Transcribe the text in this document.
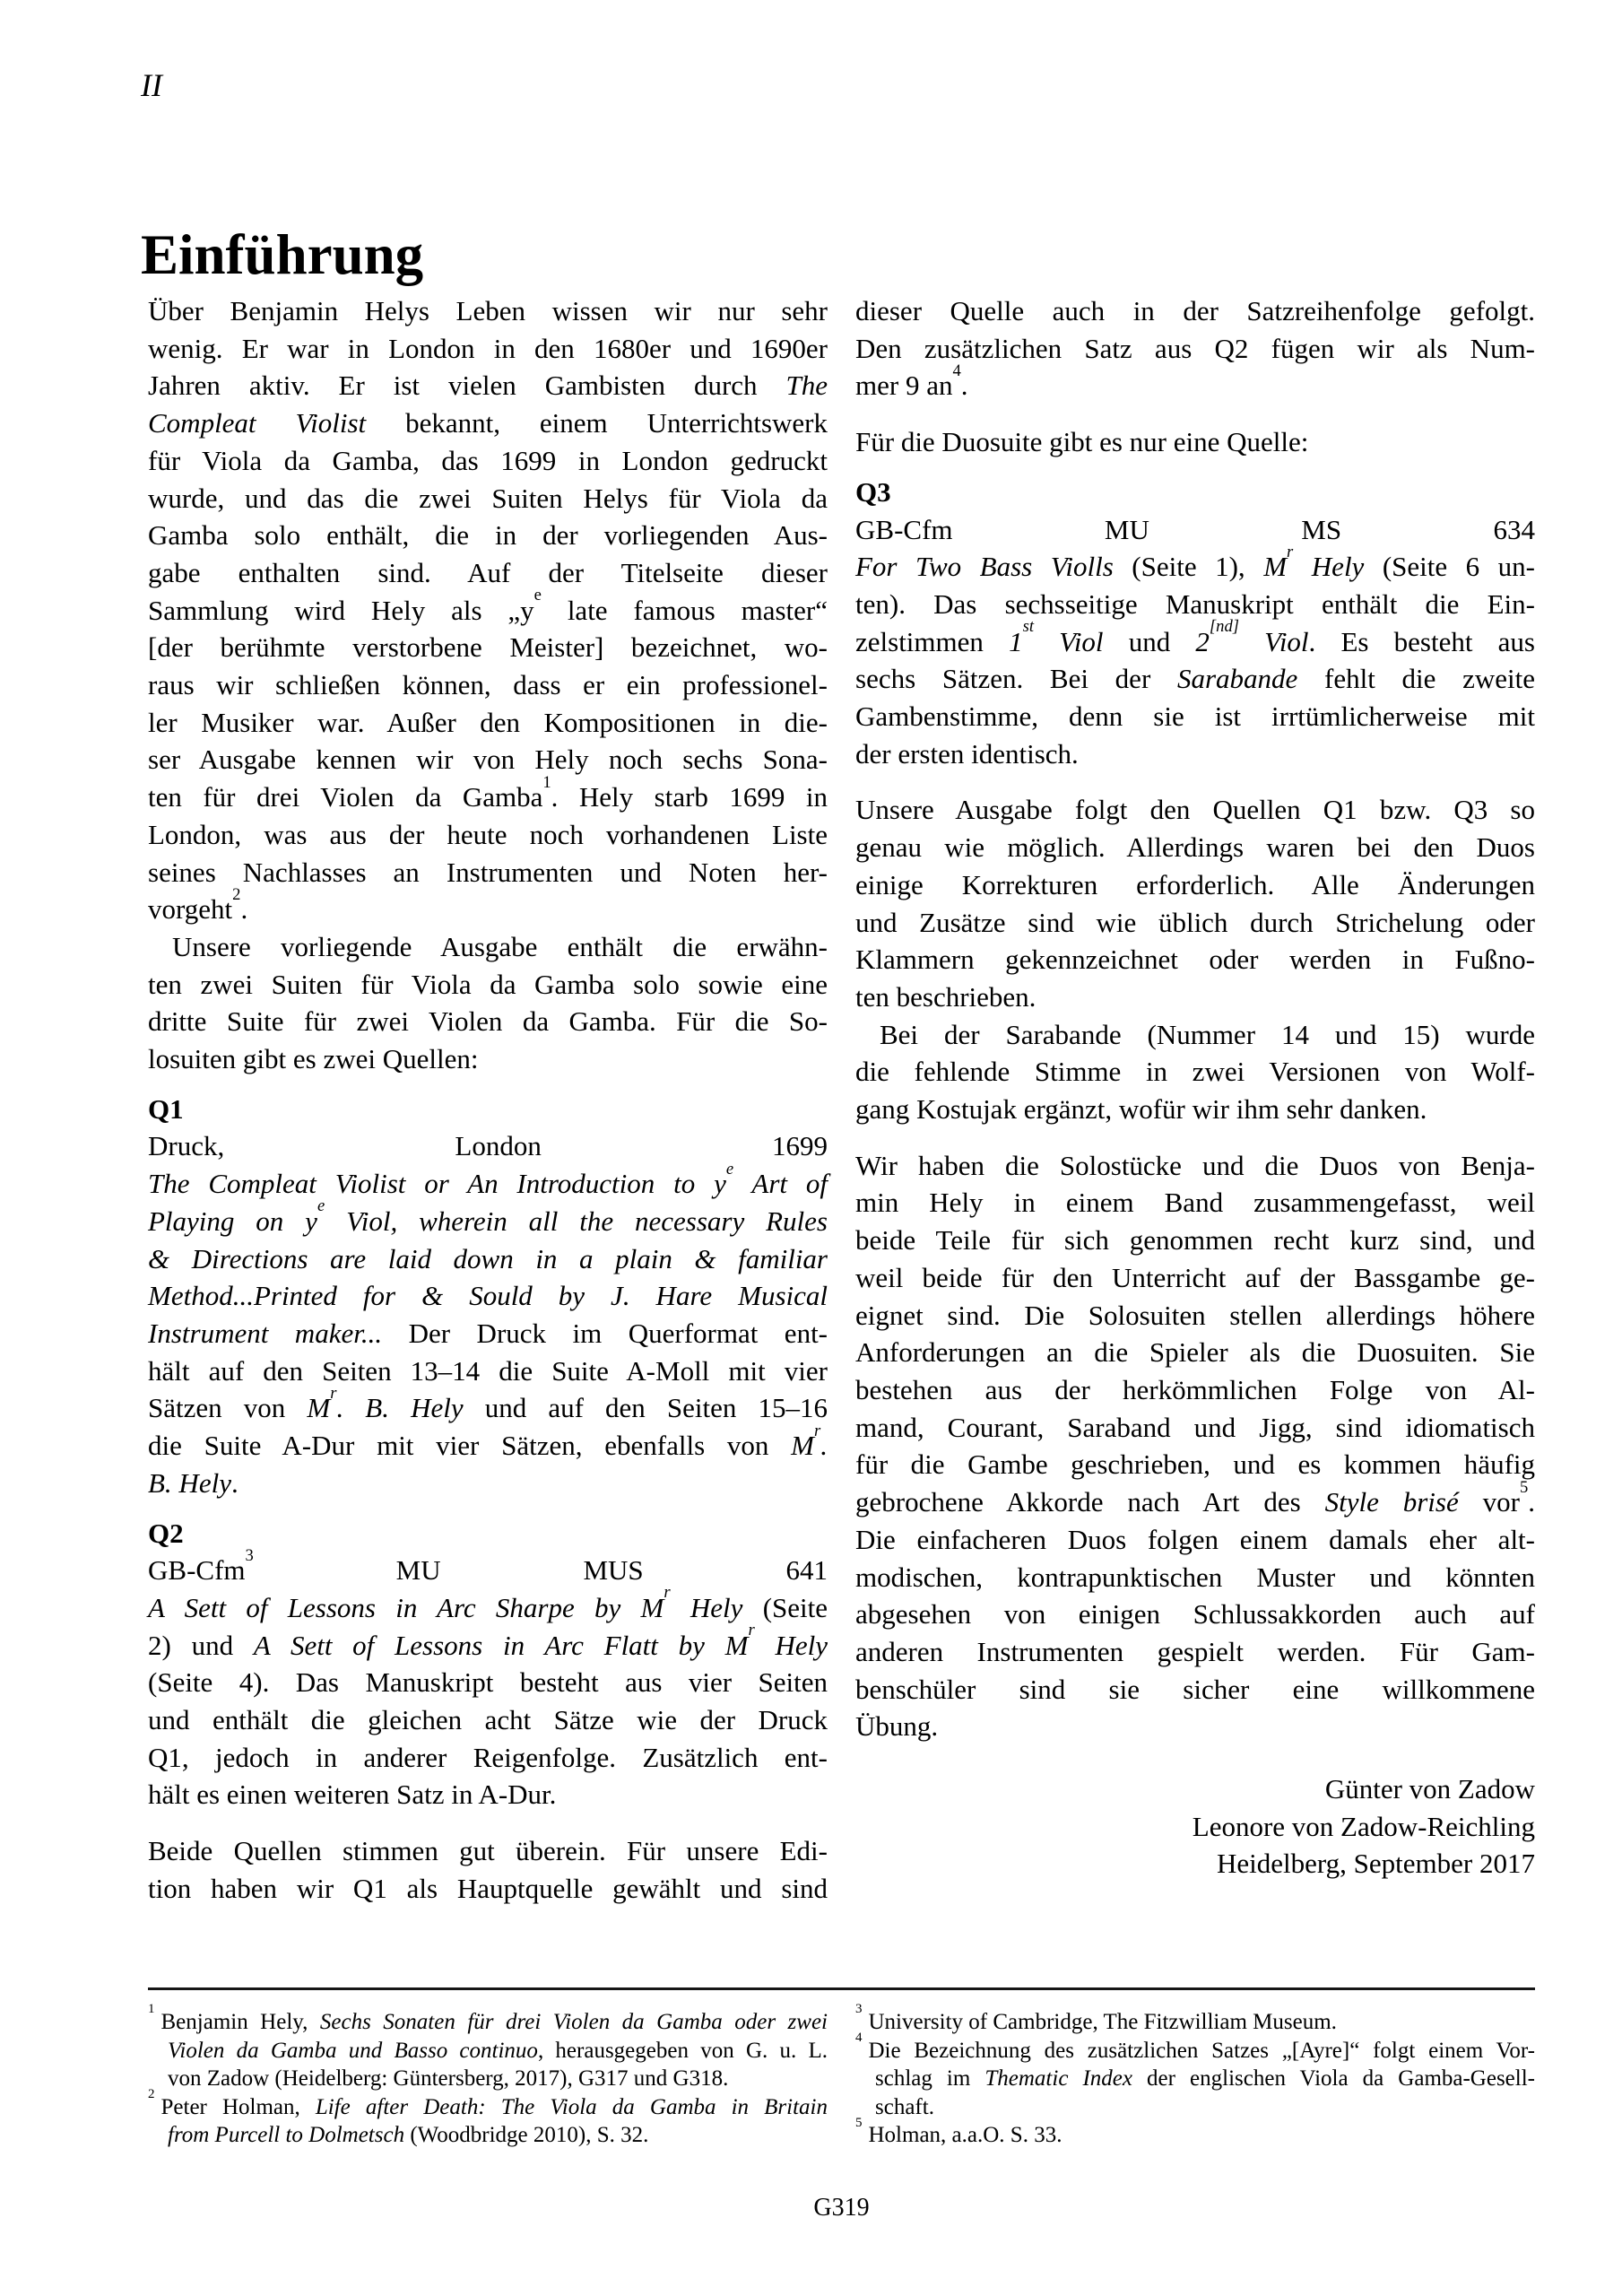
II
Einführung
Über Benjamin Helys Leben wissen wir nur sehr
wenig. Er war in London in den 1680er und 1690er
Jahren aktiv. Er ist vielen Gambisten durch The
Compleat Violist bekannt, einem Unterrichtswerk
für Viola da Gamba, das 1699 in London gedruckt
wurde, und das die zwei Suiten Helys für Viola da
Gamba solo enthält, die in der vorliegenden Aus-
gabe enthalten sind. Auf der Titelseite dieser
Sammlung wird Hely als $„y^e$ late famous master“
[der berühmte verstorbene Meister] bezeichnet, wo-
raus wir schließen können, dass er ein professionel-
ler Musiker war. Außer den Kompositionen in die-
ser Ausgabe kennen wir von Hely noch sechs Sona-
ten für drei Violen da Gamba$^1$. Hely starb 1699 in
London, was aus der heute noch vorhandenen Liste
seines Nachlasses an Instrumenten und Noten her-
vorgeht$^2$.
Unsere vorliegende Ausgabe enthält die erwähn-
ten zwei Suiten für Viola da Gamba solo sowie eine
dritte Suite für zwei Violen da Gamba. Für die So-
losuiten gibt es zwei Quellen:
Q1
Druck, London 1699
The Compleat Violist or An Introduction to $y^e$ Art of
Playing on $y^e$ Viol, wherein all the necessary Rules
& Directions are laid down in a plain & familiar
Method...Printed for & Sould by J. Hare Musical
Instrument maker... Der Druck im Querformat ent-
hält auf den Seiten 13–14 die Suite A-Moll mit vier
Sätzen von $M^r$. B. Hely und auf den Seiten 15–16
die Suite A-Dur mit vier Sätzen, ebenfalls von $M^r$.
B. Hely.
Q2
GB-Cfm$^3$ MU MUS 641
A Sett of Lessons in Arc Sharpe by $M^r$ Hely (Seite
2) und A Sett of Lessons in Arc Flatt by $M^r$ Hely
(Seite 4). Das Manuskript besteht aus vier Seiten
und enthält die gleichen acht Sätze wie der Druck
Q1, jedoch in anderer Reigenfolge. Zusätzlich ent-
hält es einen weiteren Satz in A-Dur.
Beide Quellen stimmen gut überein. Für unsere Edi-
tion haben wir Q1 als Hauptquelle gewählt und sind
dieser Quelle auch in der Satzreihenfolge gefolgt.
Den zusätzlichen Satz aus Q2 fügen wir als Num-
mer 9 $an^4$.
Für die Duosuite gibt es nur eine Quelle:
Q3
GB-Cfm MU MS 634
For Two Bass Violls (Seite 1), $M^r$ Hely (Seite 6 un-
ten). Das sechsseitige Manuskript enthält die Ein-
zelstimmen 1st Viol und 2[nd] Viol. Es besteht aus
sechs Sätzen. Bei der Sarabande fehlt die zweite
Gambenstimme, denn sie ist irrtümlicherweise mit
der ersten identisch.
Unsere Ausgabe folgt den Quellen Q1 bzw. Q3 so
genau wie möglich. Allerdings waren bei den Duos
einige Korrekturen erforderlich. Alle Änderungen
und Zusätze sind wie üblich durch Strichelung oder
Klammern gekennzeichnet oder werden in Fußno-
ten beschrieben.
Bei der Sarabande (Nummer 14 und 15) wurde
die fehlende Stimme in zwei Versionen von Wolf-
gang Kostujak ergänzt, wofür wir ihm sehr danken.
Wir haben die Solostücke und die Duos von Benja-
min Hely in einem Band zusammengefasst, weil
beide Teile für sich genommen recht kurz sind, und
weil beide für den Unterricht auf der Bassgambe ge-
eignet sind. Die Solosuiten stellen allerdings höhere
Anforderungen an die Spieler als die Duosuiten. Sie
bestehen aus der herkömmlichen Folge von Al-
mand, Courant, Saraband und Jigg, sind idiomatisch
für die Gambe geschrieben, und es kommen häufig
gebrochene Akkorde nach Art des Style brisé vor$^5$.
Die einfacheren Duos folgen einem damals eher alt-
modischen, kontrapunktischen Muster und könnten
abgesehen von einigen Schlussakkorden auch auf
anderen Instrumenten gespielt werden. Für Gam-
benschüler sind sie sicher eine willkommene
Übung.
Günter von Zadow
Leonore von Zadow-Reichling
Heidelberg, September 2017
$^1$Benjamin Hely, Sechs Sonaten für drei Violen da Gamba oder zwei
Violen da Gamba und Basso continuo, herausgegeben von G. u. L.
von Zadow (Heidelberg: Güntersberg, 2017), G317 und G318.
$^2$Peter Holman, Life after Death: The Viola da Gamba in Britain
from Purcell to Dolmetsch (Woodbridge 2010), S. 32.
$^3$University of Cambridge, The Fitzwilliam Museum.
$^4$Die Bezeichnung des zusätzlichen Satzes „[Ayre]“ folgt einem Vor-
schlag im Thematic Index der englischen Viola da Gamba-Gesell-
schaft.
$^5$Holman, a.a.O. S. 33.
G319
